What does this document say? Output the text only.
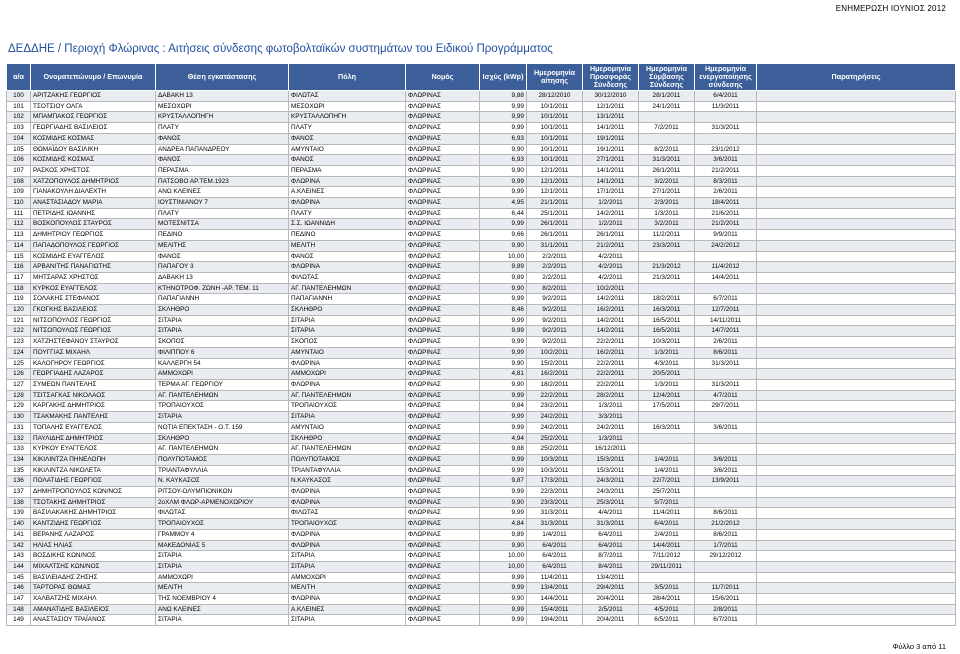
ΕΝΗΜΕΡΩΣΗ ΙΟΥΝΙΟΣ 2012
ΔΕΔΔΗΕ / Περιοχή Φλώρινας : Αιτήσεις σύνδεσης φωτοβολταϊκών συστημάτων του Ειδικού Προγράμματος
α/α	Ονοματεπώνυμο / Επωνυμία	Θέση εγκατάστασης	Πόλη	Νομός	Ισχύς (kWp)	Ημερομηνία αίτησης	Ημερομηνία Προσφοράς Σύνδεσης	Ημερομηνία Σύμβασης Σύνδεσης	Ημερομηνία ενεργοποίησης σύνδεσης	Παρατηρήσεις
100	ΑΡΙΤΖΑΚΗΣ ΓΕΩΡΓΙΟΣ	ΔΑΒΑΚΗ 13	ΦΙΛΩΤΑΣ	ΦΛΩΡΙΝΑΣ	9,88	28/12/2010	30/12/2010	28/1/2011	6/4/2011	
101	ΤΣΟΤΣΙΟΥ ΟΛΓΑ	ΜΕΣΟΧΩΡΙ	ΜΕΣΟΧΩΡΙ	ΦΛΩΡΙΝΑΣ	9,99	10/1/2011	12/1/2011	24/1/2011	11/3/2011	
102	ΜΠΑΜΠΑΚΟΣ ΓΕΩΡΓΙΟΣ	ΚΡΥΣΤΑΛΛΟΠΗΓΗ	ΚΡΥΣΤΑΛΛΟΠΗΓΗ	ΦΛΩΡΙΝΑΣ	9,99	10/1/2011	13/1/2011			
103	ΓΕΩΡΓΙΑΔΗΣ ΒΑΣΙΛΕΙΟΣ	ΠΛΑΤΥ	ΠΛΑΤΥ	ΦΛΩΡΙΝΑΣ	9,99	10/1/2011	14/1/2011	7/2/2011	31/3/2011	
104	ΚΟΣΜΙΔΗΣ ΚΟΣΜΑΣ	ΦΑΝΟΣ	ΦΑΝΟΣ	ΦΛΩΡΙΝΑΣ	6,93	10/1/2011	19/1/2011			
105	ΘΩΜΑΪΔΟΥ ΒΑΣΙΛΙΚΗ	ΑΝΔΡΕΑ ΠΑΠΑΝΔΡΕΟΥ	ΑΜΥΝΤΑΙΟ	ΦΛΩΡΙΝΑΣ	9,90	10/1/2011	19/1/2011	8/2/2011	23/1/2012	
106	ΚΟΣΜΙΔΗΣ ΚΟΣΜΑΣ	ΦΑΝΟΣ	ΦΑΝΟΣ	ΦΛΩΡΙΝΑΣ	6,93	10/1/2011	27/1/2011	31/3/2011	3/6/2011	
107	ΡΑΣΚΟΣ ΧΡΗΣΤΟΣ	ΠΕΡΑΣΜΑ	ΠΕΡΑΣΜΑ	ΦΛΩΡΙΝΑΣ	9,90	12/1/2011	14/1/2011	26/1/2011	21/2/2011	
108	ΧΑΤΖΟΠΟΥΛΟΣ ΔΗΜΗΤΡΙΟΣ	ΠΑΤΣΟΒΟ ΑΡ.ΤΕΜ.1923	ΦΛΩΡΙΝΑ	ΦΛΩΡΙΝΑΣ	9,99	12/1/2011	14/1/2011	3/2/2011	8/3/2011	
109	ΓΙΑΝΑΚΟΥΛΗ ΔΙΑΛΕΧΤΗ	ΑΝΩ ΚΛΕΙΝΕΣ	Α.ΚΛΕΙΝΕΣ	ΦΛΩΡΙΝΑΣ	9,99	12/1/2011	17/1/2011	27/1/2011	2/6/2011	
110	ΑΝΑΣΤΑΣΙΑΔΟΥ ΜΑΡΙΑ	ΙΟΥΣΤΙΝΙΑΝΟΥ 7	ΦΛΩΡΙΝΑ	ΦΛΩΡΙΝΑΣ	4,95	21/1/2011	1/2/2011	2/3/2011	18/4/2011	
111	ΠΕΤΡΙΔΗΣ ΙΩΑΝΝΗΣ	ΠΛΑΤΥ	ΠΛΑΤΥ	ΦΛΩΡΙΝΑΣ	6,44	25/1/2011	14/2/2011	1/3/2011	21/6/2011	
112	ΒΟΣΚΟΠΟΥΛΟΣ ΣΤΑΥΡΟΣ	ΜΟΤΕΣΝΙΤΣΑ	Σ.Σ. ΙΩΑΝΝΙΔΗ	ΦΛΩΡΙΝΑΣ	9,99	26/1/2011	1/2/2011	3/2/2011	21/2/2011	
113	ΔΗΜΗΤΡΙΟΥ ΓΕΩΡΓΙΟΣ	ΠΕΔΙΝΟ	ΠΕΔΙΝΟ	ΦΛΩΡΙΝΑΣ	9,66	26/1/2011	26/1/2011	11/2/2011	9/9/2011	
114	ΠΑΠΑΔΟΠΟΥΛΟΣ ΓΕΩΡΓΙΟΣ	ΜΕΛΙΤΗΣ	ΜΕΛΙΤΗ	ΦΛΩΡΙΝΑΣ	9,90	31/1/2011	21/2/2011	23/3/2011	24/2/2012	
115	ΚΟΣΜΙΔΗΣ ΕΥΑΓΓΕΛΟΣ	ΦΑΝΟΣ	ΦΑΝΟΣ	ΦΛΩΡΙΝΑΣ	10,00	2/2/2011	4/2/2011			
116	ΑΡΒΑΝΙΤΗΣ ΠΑΝΑΓΙΩΤΗΣ	ΠΑΠΑΓΟΥ 3	ΦΛΩΡΙΝΑ	ΦΛΩΡΙΝΑΣ	9,89	2/2/2011	4/2/2011	21/3/2012	11/4/2012	
117	ΜΗΤΣΑΡΑΣ ΧΡΗΣΤΟΣ	ΔΑΒΑΚΗ 13	ΦΙΛΩΤΑΣ	ΦΛΩΡΙΝΑΣ	9,89	2/2/2011	4/2/2011	21/3/2011	14/4/2011	
118	ΚΥΡΚΟΣ ΕΥΑΓΓΕΛΟΣ	ΚΤΗΝΟΤΡΟΦ. ΖΩΝΗ -ΑΡ. ΤΕΜ. 11	ΑΓ. ΠΑΝΤΕΛΕΗΜΩΝ	ΦΛΩΡΙΝΑΣ	9,90	8/2/2011	10/2/2011			
119	ΣΟΛΑΚΗΣ ΣΤΕΦΑΝΟΣ	ΠΑΠΑΓΙΑΝΝΗ	ΠΑΠΑΓΙΑΝΝΗ	ΦΛΩΡΙΝΑΣ	9,99	9/2/2011	14/2/2011	18/2/2011	6/7/2011	
120	ΓΚΟΓΚΗΣ ΒΑΣΙΛΕΙΟΣ	ΣΚΛΗΘΡΟ	ΣΚΛΗΘΡΟ	ΦΛΩΡΙΝΑΣ	8,46	9/2/2011	16/2/2011	16/3/2011	12/7/2011	
121	ΝΙΤΣΟΠΟΥΛΟΣ ΓΕΩΡΓΙΟΣ	ΣΙΤΑΡΙΑ	ΣΙΤΑΡΙΑ	ΦΛΩΡΙΝΑΣ	9,99	9/2/2011	14/2/2011	16/5/2011	14/11/2011	
122	ΝΙΤΣΟΠΟΥΛΟΣ ΓΕΩΡΓΙΟΣ	ΣΙΤΑΡΙΑ	ΣΙΤΑΡΙΑ	ΦΛΩΡΙΝΑΣ	9,99	9/2/2011	14/2/2011	16/5/2011	14/7/2011	
123	ΧΑΤΖΗΣΤΕΦΑΝΟΥ ΣΤΑΥΡΟΣ	ΣΚΟΠΟΣ	ΣΚΟΠΟΣ	ΦΛΩΡΙΝΑΣ	9,99	9/2/2011	22/2/2011	10/3/2011	2/6/2011	
124	ΠΟΥΓΓΙΑΣ ΜΙΧΑΗΛ	ΦΙΛΙΠΠΟΥ 6	ΑΜΥΝΤΑΙΟ	ΦΛΩΡΙΝΑΣ	9,99	10/2/2011	16/2/2011	1/3/2011	8/6/2011	
125	ΚΑΛΟΓΗΡΟΥ ΓΕΩΡΓΙΟΣ	ΚΑΛΛΕΡΓΗ 54	ΦΛΩΡΙΝΑ	ΦΛΩΡΙΝΑΣ	9,90	15/2/2011	22/2/2011	4/3/2011	31/3/2011	
126	ΓΕΩΡΓΙΑΔΗΣ ΛΑΖΑΡΟΣ	ΑΜΜΟΧΩΡΙ	ΑΜΜΟΧΩΡΙ	ΦΛΩΡΙΝΑΣ	4,81	16/2/2011	22/2/2011	20/5/2011		
127	ΣΥΜΕΩΝ ΠΑΝΤΕΛΗΣ	ΤΕΡΜΑ ΑΓ. ΓΕΩΡΓΙΟΥ	ΦΛΩΡΙΝΑ	ΦΛΩΡΙΝΑΣ	9,90	18/2/2011	22/2/2011	1/3/2011	31/3/2011	
128	ΤΣΙΤΣΑΓΚΑΣ ΝΙΚΟΛΑΟΣ	ΑΓ. ΠΑΝΤΕΛΕΗΜΩΝ	ΑΓ. ΠΑΝΤΕΛΕΗΜΩΝ	ΦΛΩΡΙΝΑΣ	9,99	22/2/2011	28/2/2011	12/4/2011	4/7/2011	
129	ΚΑΡΓΑΚΗΣ ΔΗΜΗΤΡΙΟΣ	ΤΡΟΠΑΙΟΥΧΟΣ	ΤΡΟΠΑΙΟΥΧΟΣ	ΦΛΩΡΙΝΑΣ	9,84	23/2/2011	1/3/2011	17/5/2011	29/7/2011	
130	ΤΣΑΚΜΑΚΗΣ ΠΑΝΤΕΛΗΣ	ΣΙΤΑΡΙΑ	ΣΙΤΑΡΙΑ	ΦΛΩΡΙΝΑΣ	9,99	24/2/2011	3/3/2011			
131	ΤΟΠΑΛΗΣ ΕΥΑΓΓΕΛΟΣ	ΝΟΤΙΑ ΕΠΕΚΤΑΣΗ - Ο.Τ. 159	ΑΜΥΝΤΑΙΟ	ΦΛΩΡΙΝΑΣ	9,99	24/2/2011	24/2/2011	16/3/2011	3/6/2011	
132	ΠΑΥΛΙΔΗΣ ΔΗΜΗΤΡΙΟΣ	ΣΚΛΗΘΡΟ	ΣΚΛΗΘΡΟ	ΦΛΩΡΙΝΑΣ	4,94	25/2/2011	1/3/2011			
133	ΚΥΡΚΟΥ ΕΥΑΓΓΕΛΟΣ	ΑΓ. ΠΑΝΤΕΛΕΗΜΩΝ	ΑΓ. ΠΑΝΤΕΛΕΗΜΩΝ	ΦΛΩΡΙΝΑΣ	9,88	25/2/2011	16/12/2011			
134	ΚΙΚΙΛΙΝΤΖΑ ΠΗΝΕΛΟΠΗ	ΠΟΛΥΠΟΤΑΜΟΣ	ΠΟΛΥΠΟΤΑΜΟΣ	ΦΛΩΡΙΝΑΣ	9,99	10/3/2011	15/3/2011	1/4/2011	3/6/2011	
135	ΚΙΚΙΛΙΝΤΖΑ ΝΙΚΟΛΕΤΑ	ΤΡΙΑΝΤΑΦΥΛΛΙΑ	ΤΡΙΑΝΤΑΦΥΛΛΙΑ	ΦΛΩΡΙΝΑΣ	9,99	10/3/2011	15/3/2011	1/4/2011	3/6/2011	
136	ΠΟΛΑΤΙΔΗΣ ΓΕΩΡΓΙΟΣ	Ν. ΚΑΥΚΑΣΟΣ	Ν.ΚΑΥΚΑΣΟΣ	ΦΛΩΡΙΝΑΣ	9,87	17/3/2011	24/3/2011	22/7/2011	13/9/2011	
137	ΔΗΜΗΤΡΟΠΟΥΛΟΣ ΚΩΝ/ΝΟΣ	ΡΙΤΣΟΥ-ΟΛΥΜΠΙΟΝΙΚΩΝ	ΦΛΩΡΙΝΑ	ΦΛΩΡΙΝΑΣ	9,99	22/3/2011	24/3/2011	25/7/2011		
138	ΤΣΟΤΑΚΗΣ ΔΗΜΗΤΡΙΟΣ	2οΧΛΜ ΦΛΩΡ-ΑΡΜΕΝΟΧΩΡΙΟΥ	ΦΛΩΡΙΝΑ	ΦΛΩΡΙΝΑΣ	9,90	23/3/2011	25/3/2011	5/7/2011		
139	ΒΑΣΙΛΑΚΑΚΗΣ ΔΗΜΗΤΡΙΟΣ	ΦΙΛΩΤΑΣ	ΦΙΛΩΤΑΣ	ΦΛΩΡΙΝΑΣ	9,99	31/3/2011	4/4/2011	11/4/2011	8/6/2011	
140	ΚΑΝΤΖΙΔΗΣ ΓΕΩΡΓΙΟΣ	ΤΡΟΠΑΙΟΥΧΟΣ	ΤΡΟΠΑΙΟΥΧΟΣ	ΦΛΩΡΙΝΑΣ	4,84	31/3/2011	31/3/2011	6/4/2011	21/2/2012	
141	ΒΕΡΑΝΗΣ ΛΑΖΑΡΟΣ	ΓΡΑΜΜΟΥ 4	ΦΛΩΡΙΝΑ	ΦΛΩΡΙΝΑΣ	9,89	1/4/2011	6/4/2011	2/4/2011	8/6/2011	
142	ΗΛΙΑΣ ΗΛΙΑΣ	ΜΑΚΕΔΟΝΙΑΣ 5	ΦΛΩΡΙΝΑ	ΦΛΩΡΙΝΑΣ	9,90	6/4/2011	6/4/2011	14/4/2011	1/7/2011	
143	ΒΟΣΔΙΚΗΣ ΚΩΝ/ΝΟΣ	ΣΙΤΑΡΙΑ	ΣΙΤΑΡΙΑ	ΦΛΩΡΙΝΑΣ	10,00	6/4/2011	8/7/2011	7/11/2012	29/12/2012	
144	ΜΙΧΑΛΤΣΗΣ ΚΩΝ/ΝΟΣ	ΣΙΤΑΡΙΑ	ΣΙΤΑΡΙΑ	ΦΛΩΡΙΝΑΣ	10,00	6/4/2011	8/4/2011	29/11/2011		
145	ΒΑΣΙΛΕΙΑΔΗΣ ΖΗΣΗΣ	ΑΜΜΟΧΩΡΙ	ΑΜΜΟΧΩΡΙ	ΦΛΩΡΙΝΑΣ	9,99	11/4/2011	13/4/2011			
146	ΤΑΡΤΟΡΑΣ ΘΩΜΑΣ	ΜΕΛΙΤΗ	ΜΕΛΙΤΗ	ΦΛΩΡΙΝΑΣ	9,99	13/4/2011	29/4/2011	3/5/2011	11/7/2011	
147	ΧΑΛΒΑΤΖΗΣ ΜΙΧΑΗΛ	ΤΗΣ ΝΟΕΜΒΡΙΟΥ 4	ΦΛΩΡΙΝΑ	ΦΛΩΡΙΝΑΣ	9,90	14/4/2011	20/4/2011	28/4/2011	15/6/2011	
148	ΑΜΑΝΑΤΙΔΗΣ ΒΑΣΙΛΕΙΟΣ	ΑΝΩ ΚΛΕΙΝΕΣ	Α.ΚΛΕΙΝΕΣ	ΦΛΩΡΙΝΑΣ	9,99	15/4/2011	2/5/2011	4/5/2011	2/8/2011	
149	ΑΝΑΣΤΑΣΙΟΥ ΤΡΑΪΑΝΟΣ	ΣΙΤΑΡΙΑ	ΣΙΤΑΡΙΑ	ΦΛΩΡΙΝΑΣ	9,99	19/4/2011	20/4/2011	6/5/2011	6/7/2011	
Φύλλο 3 από 11
